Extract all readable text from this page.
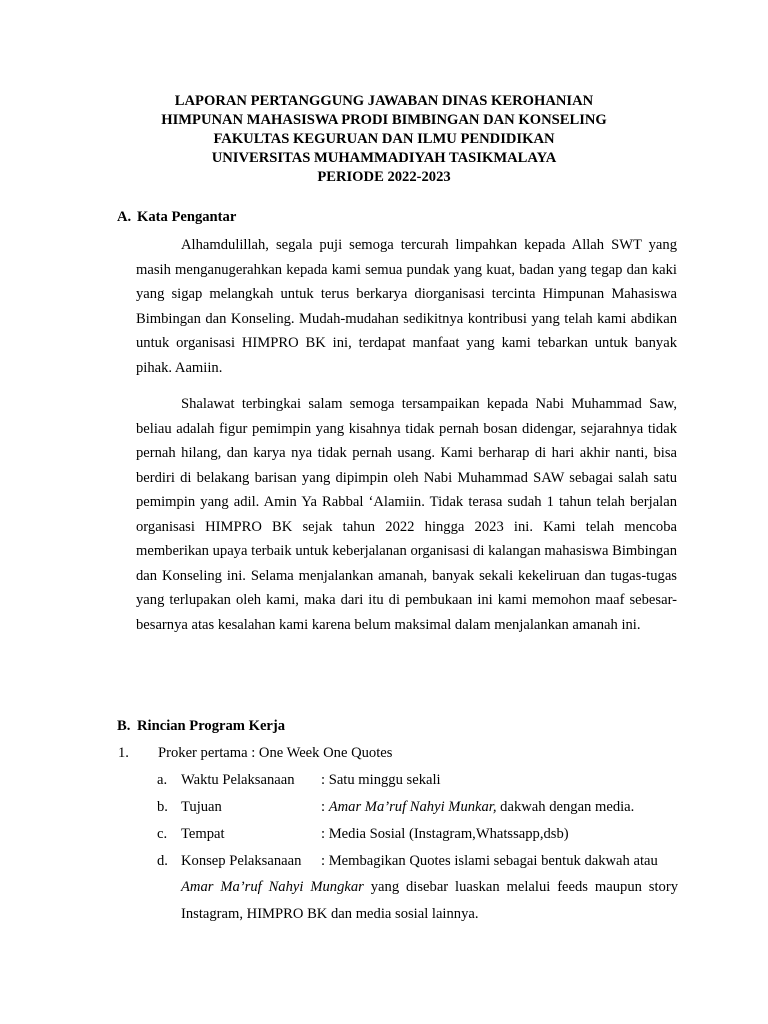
LAPORAN PERTANGGUNG JAWABAN DINAS KEROHANIAN
HIMPUNAN MAHASISWA PRODI BIMBINGAN DAN KONSELING
FAKULTAS KEGURUAN DAN ILMU PENDIDIKAN
UNIVERSITAS MUHAMMADIYAH TASIKMALAYA
PERIODE 2022-2023
A. Kata Pengantar

Alhamdulillah, segala puji semoga tercurah limpahkan kepada Allah SWT yang masih menganugerahkan kepada kami semua pundak yang kuat, badan yang tegap dan kaki yang sigap melangkah untuk terus berkarya diorganisasi tercinta Himpunan Mahasiswa Bimbingan dan Konseling. Mudah-mudahan sedikitnya kontribusi yang telah kami abdikan untuk organisasi HIMPRO BK ini, terdapat manfaat yang kami tebarkan untuk banyak pihak. Aamiin.

Shalawat terbingkai salam semoga tersampaikan kepada Nabi Muhammad Saw, beliau adalah figur pemimpin yang kisahnya tidak pernah bosan didengar, sejarahnya tidak pernah hilang, dan karya nya tidak pernah usang. Kami berharap di hari akhir nanti, bisa berdiri di belakang barisan yang dipimpin oleh Nabi Muhammad SAW sebagai salah satu pemimpin yang adil. Amin Ya Rabbal ‘Alamiin. Tidak terasa sudah 1 tahun telah berjalan organisasi HIMPRO BK sejak tahun 2022 hingga 2023 ini. Kami telah mencoba memberikan upaya terbaik untuk keberjalanan organisasi di kalangan mahasiswa Bimbingan dan Konseling ini. Selama menjalankan amanah, banyak sekali kekeliruan dan tugas-tugas yang terlupakan oleh kami, maka dari itu di pembukaan ini kami memohon maaf sebesar-besarnya atas kesalahan kami karena belum maksimal dalam menjalankan amanah ini.

B. Rincian Program Kerja
1. Proker pertama : One Week One Quotes
a. Waktu Pelaksanaan : Satu minggu sekali
b. Tujuan	: Amar Ma’ruf Nahyi Munkar, dakwah dengan media.
c. Tempat	: Media Sosial (Instagram,Whatssapp,dsb)
d. Konsep Pelaksanaan : Membagikan Quotes islami sebagai bentuk dakwah atau
Amar Ma’ruf Nahyi Mungkar yang disebar luaskan melalui feeds maupun story
Instagram, HIMPRO BK dan media sosial lainnya.
